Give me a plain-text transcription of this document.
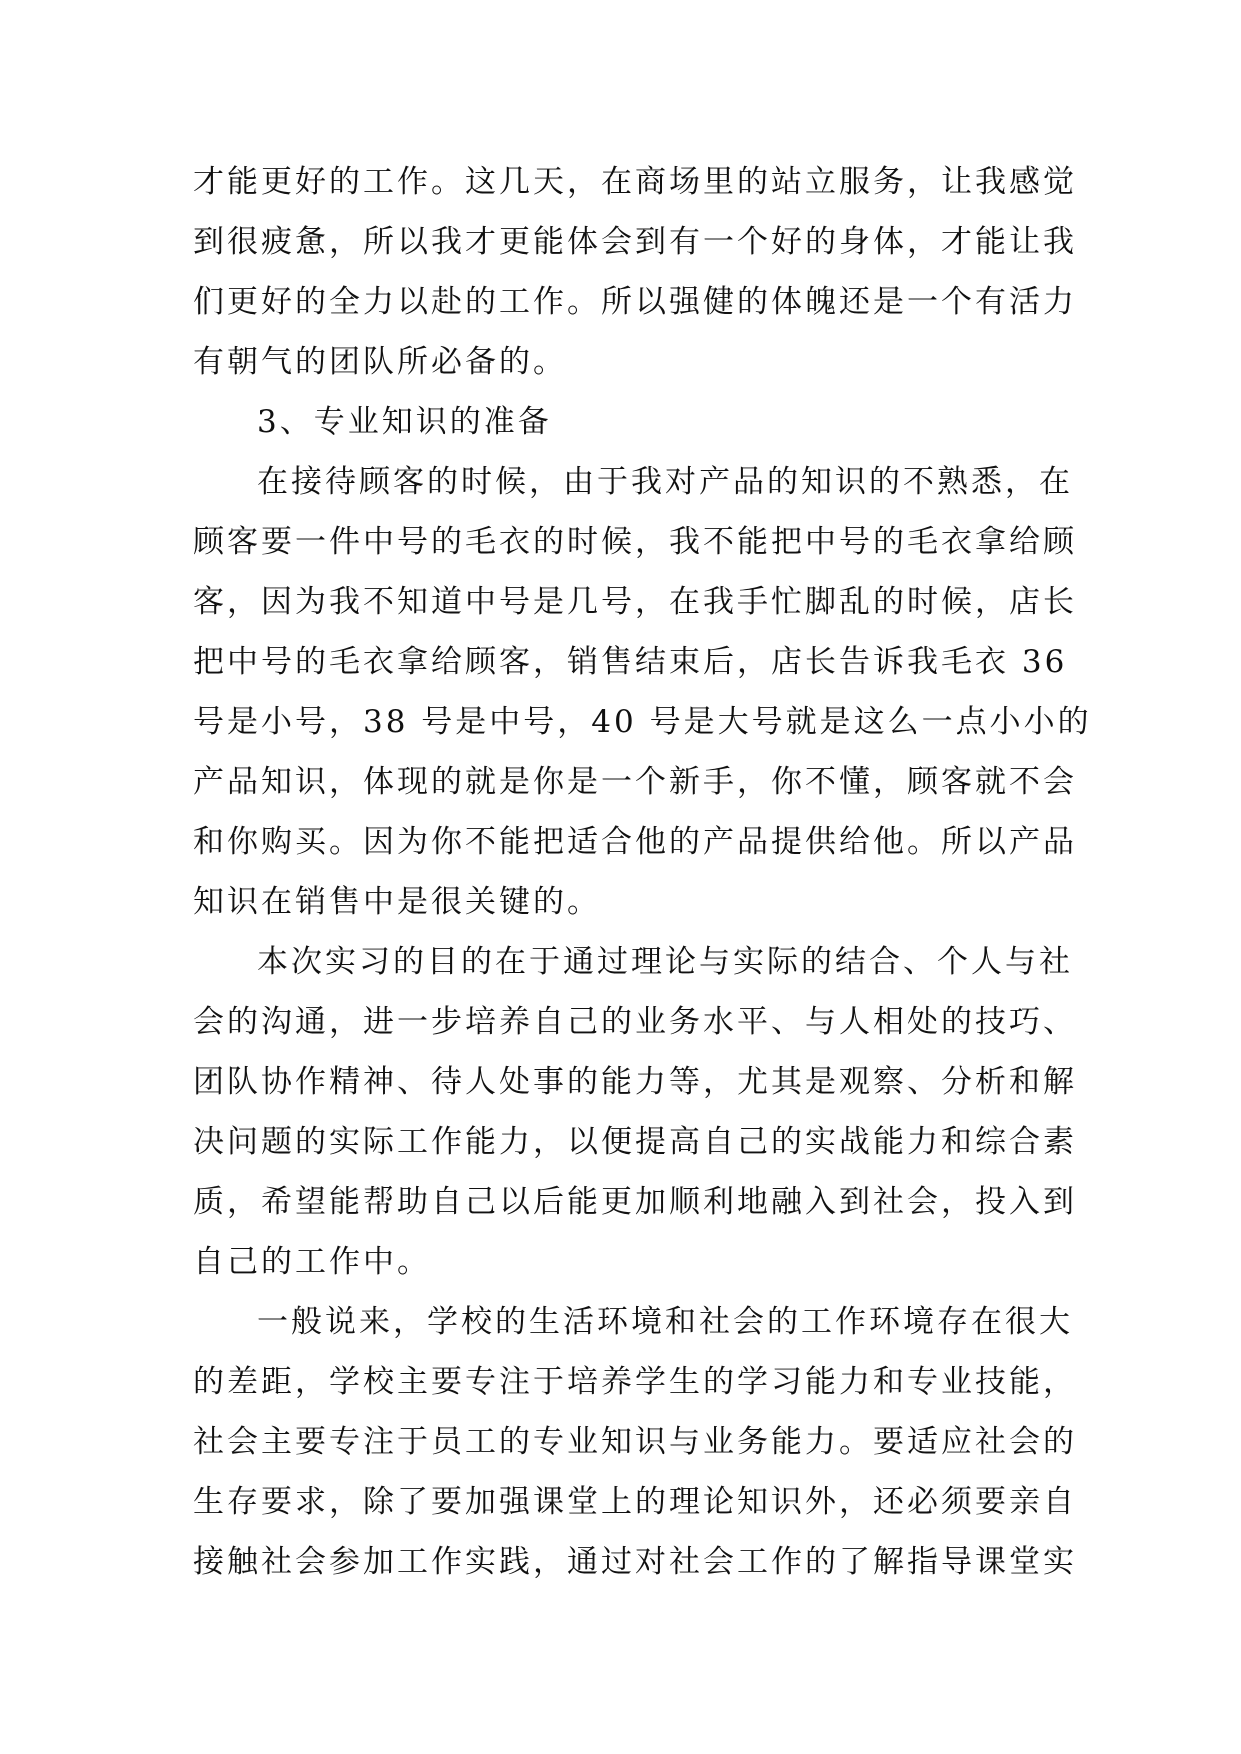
才能更好的工作。这几天，在商场里的站立服务，让我感觉
到很疲惫，所以我才更能体会到有一个好的身体，才能让我
们更好的全力以赴的工作。所以强健的体魄还是一个有活力
有朝气的团队所必备的。
3、专业知识的准备
在接待顾客的时候，由于我对产品的知识的不熟悉，在
顾客要一件中号的毛衣的时候，我不能把中号的毛衣拿给顾
客，因为我不知道中号是几号，在我手忙脚乱的时候，店长
把中号的毛衣拿给顾客，销售结束后，店长告诉我毛衣 36
号是小号，38 号是中号，40 号是大号就是这么一点小小的
产品知识，体现的就是你是一个新手，你不懂，顾客就不会
和你购买。因为你不能把适合他的产品提供给他。所以产品
知识在销售中是很关键的。
本次实习的目的在于通过理论与实际的结合、个人与社
会的沟通，进一步培养自己的业务水平、与人相处的技巧、
团队协作精神、待人处事的能力等，尤其是观察、分析和解
决问题的实际工作能力，以便提高自己的实战能力和综合素
质，希望能帮助自己以后能更加顺利地融入到社会，投入到
自己的工作中。
一般说来，学校的生活环境和社会的工作环境存在很大
的差距，学校主要专注于培养学生的学习能力和专业技能，
社会主要专注于员工的专业知识与业务能力。要适应社会的
生存要求，除了要加强课堂上的理论知识外，还必须要亲自
接触社会参加工作实践，通过对社会工作的了解指导课堂实
